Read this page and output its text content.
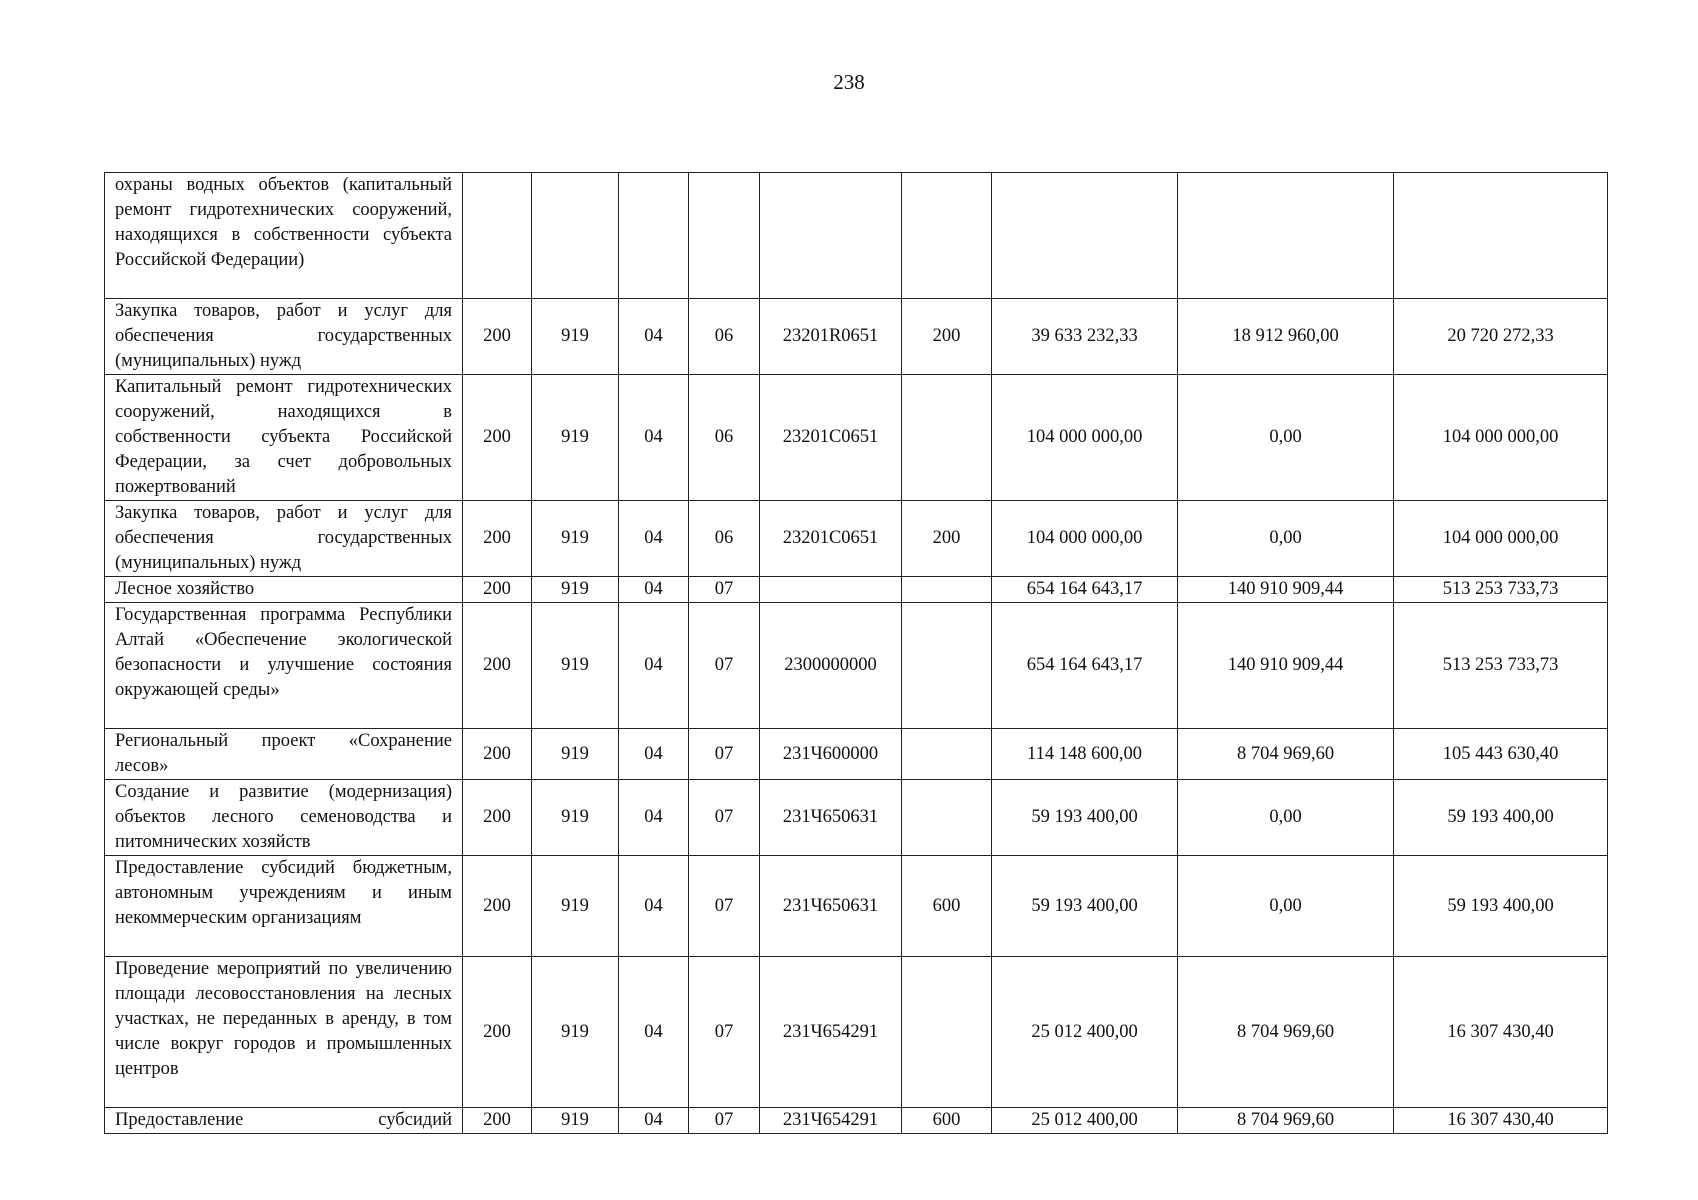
238
охраны водных объектов (капитальный ремонт гидротехнических сооружений, находящихся в собственности субъекта Российской Федерации)									
Закупка товаров, работ и услуг для обеспечения государственных (муниципальных) нужд	200	919	04	06	23201R0651	200	39 633 232,33	18 912 960,00	20 720 272,33
Капитальный ремонт гидротехнических сооружений, находящихся в собственности субъекта Российской Федерации, за счет добровольных пожертвований	200	919	04	06	23201С0651		104 000 000,00	0,00	104 000 000,00
Закупка товаров, работ и услуг для обеспечения государственных (муниципальных) нужд	200	919	04	06	23201С0651	200	104 000 000,00	0,00	104 000 000,00
Лесное хозяйство	200	919	04	07			654 164 643,17	140 910 909,44	513 253 733,73
Государственная программа Республики Алтай «Обеспечение экологической безопасности и улучшение состояния окружающей среды»	200	919	04	07	2300000000		654 164 643,17	140 910 909,44	513 253 733,73
Региональный проект «Сохранение лесов»	200	919	04	07	231Ч600000		114 148 600,00	8 704 969,60	105 443 630,40
Создание и развитие (модернизация) объектов лесного семеноводства и питомнических хозяйств	200	919	04	07	231Ч650631		59 193 400,00	0,00	59 193 400,00
Предоставление субсидий бюджетным, автономным учреждениям и иным некоммерческим организациям	200	919	04	07	231Ч650631	600	59 193 400,00	0,00	59 193 400,00
Проведение мероприятий по увеличению площади лесовосстановления на лесных участках, не переданных в аренду, в том числе вокруг городов и промышленных центров	200	919	04	07	231Ч654291		25 012 400,00	8 704 969,60	16 307 430,40
Предоставление субсидий	200	919	04	07	231Ч654291	600	25 012 400,00	8 704 969,60	16 307 430,40
